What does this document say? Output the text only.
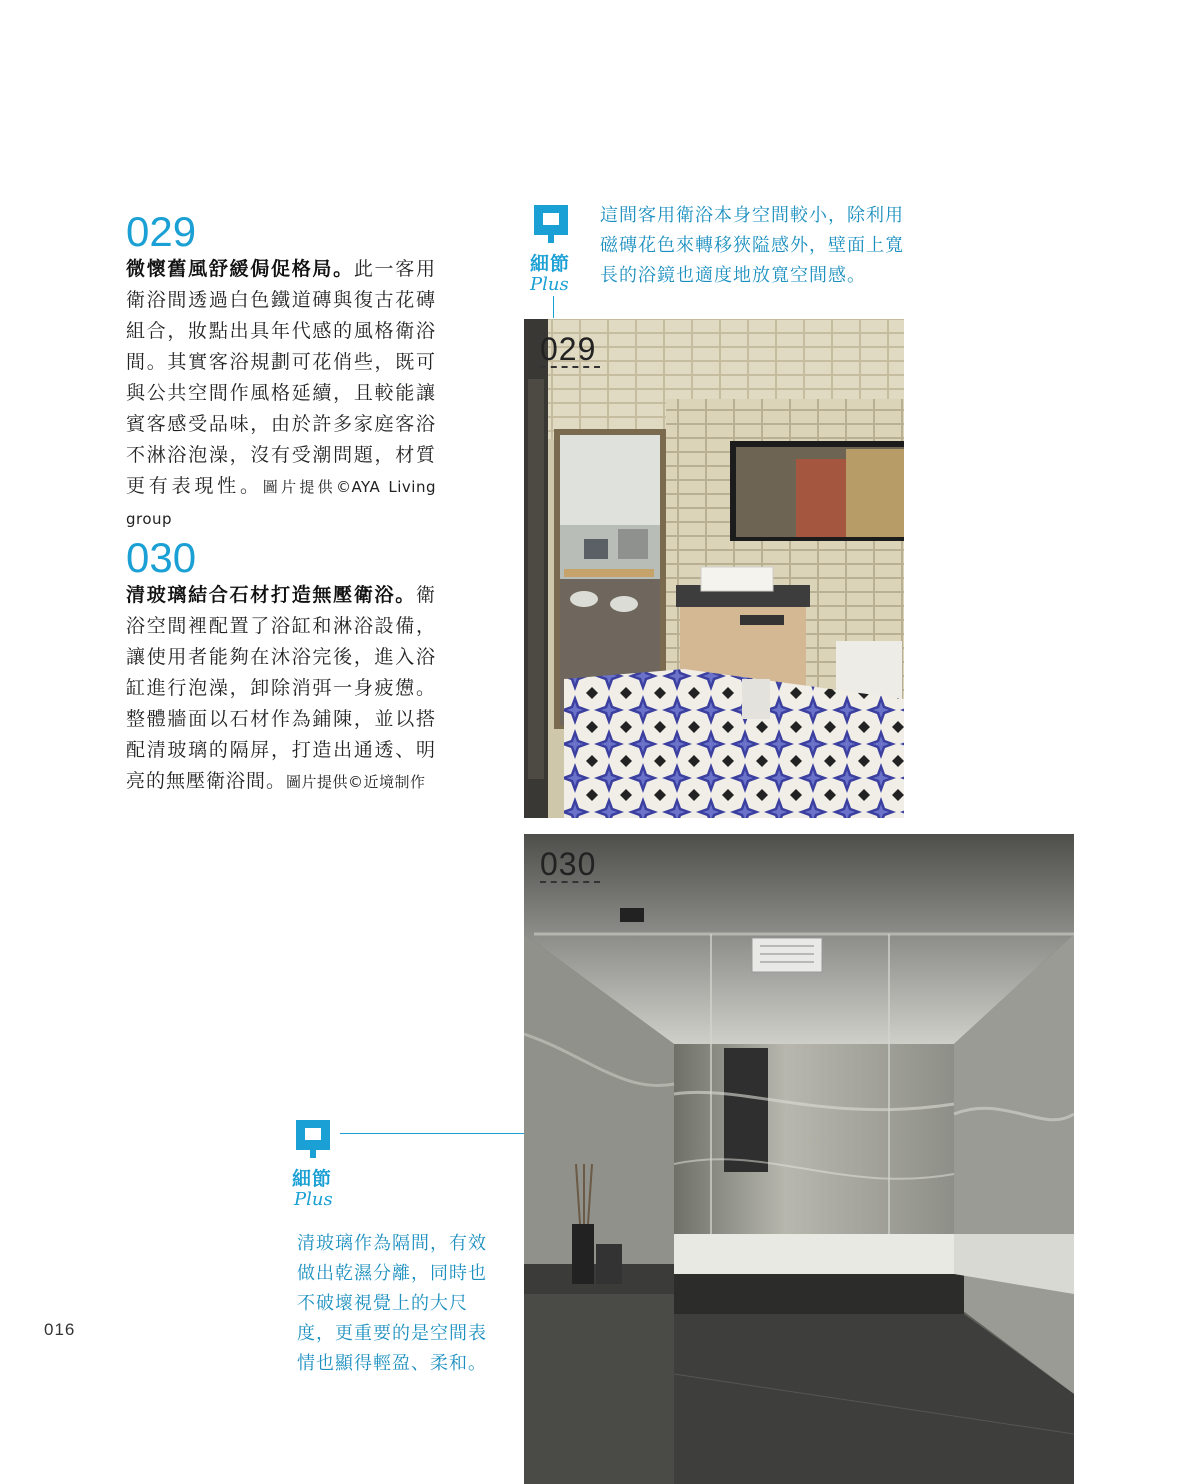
029
微懷舊風舒緩侷促格局。此一客用衛浴間透過白色鐵道磚與復古花磚組合，妝點出具年代感的風格衛浴間。其實客浴規劃可花俏些，既可與公共空間作風格延續，且較能讓賓客感受品味，由於許多家庭客浴不淋浴泡澡，沒有受潮問題，材質更有表現性。圖片提供©AYA Living group
030
清玻璃結合石材打造無壓衛浴。衛浴空間裡配置了浴缸和淋浴設備，讓使用者能夠在沐浴完後，進入浴缸進行泡澡，卸除消弭一身疲憊。整體牆面以石材作為鋪陳，並以搭配清玻璃的隔屏，打造出通透、明亮的無壓衛浴間。圖片提供©近境制作
細節
Plus
這間客用衛浴本身空間較小，除利用磁磚花色來轉移狹隘感外，壁面上寬長的浴鏡也適度地放寬空間感。
029
030
細節
Plus
清玻璃作為隔間，有效做出乾濕分離，同時也不破壞視覺上的大尺度，更重要的是空間表情也顯得輕盈、柔和。
016
